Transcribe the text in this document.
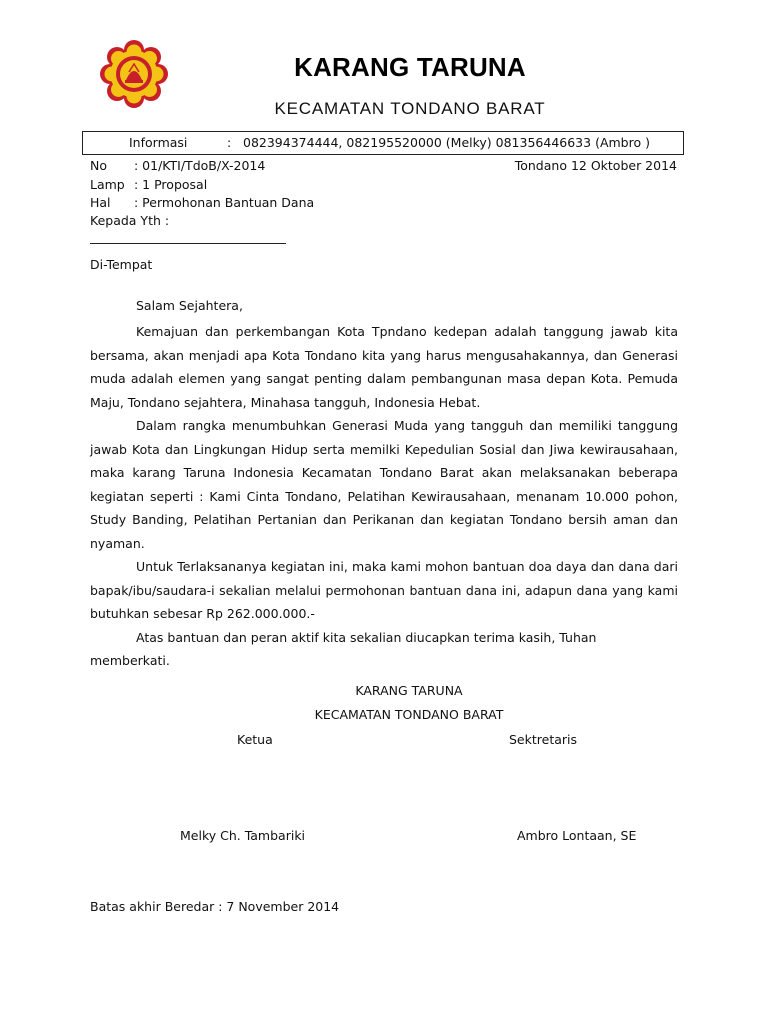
KARANG TARUNA
KECAMATAN TONDANO BARAT
Informasi	: 082394374444, 082195520000 (Melky) 081356446633 (Ambro )
No : 01/KTI/TdoB/X-2014	Tondano 12 Oktober 2014
Lamp : 1 Proposal
Hal : Permohonan Bantuan Dana
Kepada Yth :
Di-Tempat
Salam Sejahtera,

Kemajuan dan perkembangan Kota Tpndano kedepan adalah tanggung jawab kita bersama, akan menjadi apa Kota Tondano kita yang harus mengusahakannya, dan Generasi muda adalah elemen yang sangat penting dalam pembangunan masa depan Kota. Pemuda Maju, Tondano sejahtera, Minahasa tangguh, Indonesia Hebat.

Dalam rangka menumbuhkan Generasi Muda yang tangguh dan memiliki tanggung jawab Kota dan Lingkungan Hidup serta memilki Kepedulian Sosial dan Jiwa kewirausahaan, maka karang Taruna Indonesia Kecamatan Tondano Barat akan melaksanakan beberapa kegiatan seperti : Kami Cinta Tondano, Pelatihan Kewirausahaan, menanam 10.000 pohon, Study Banding, Pelatihan Pertanian dan Perikanan dan kegiatan Tondano bersih aman dan nyaman.

Untuk Terlaksananya kegiatan ini, maka kami mohon bantuan doa daya dan dana dari bapak/ibu/saudara-i sekalian melalui permohonan bantuan dana ini, adapun dana yang kami butuhkan sebesar Rp 262.000.000.-

Atas bantuan dan peran aktif kita sekalian diucapkan terima kasih, Tuhan memberkati.

KARANG TARUNA
KECAMATAN TONDANO BARAT
Ketua	Sektretaris
Melky Ch. Tambariki	Ambro Lontaan, SE
Batas akhir Beredar : 7 November 2014
